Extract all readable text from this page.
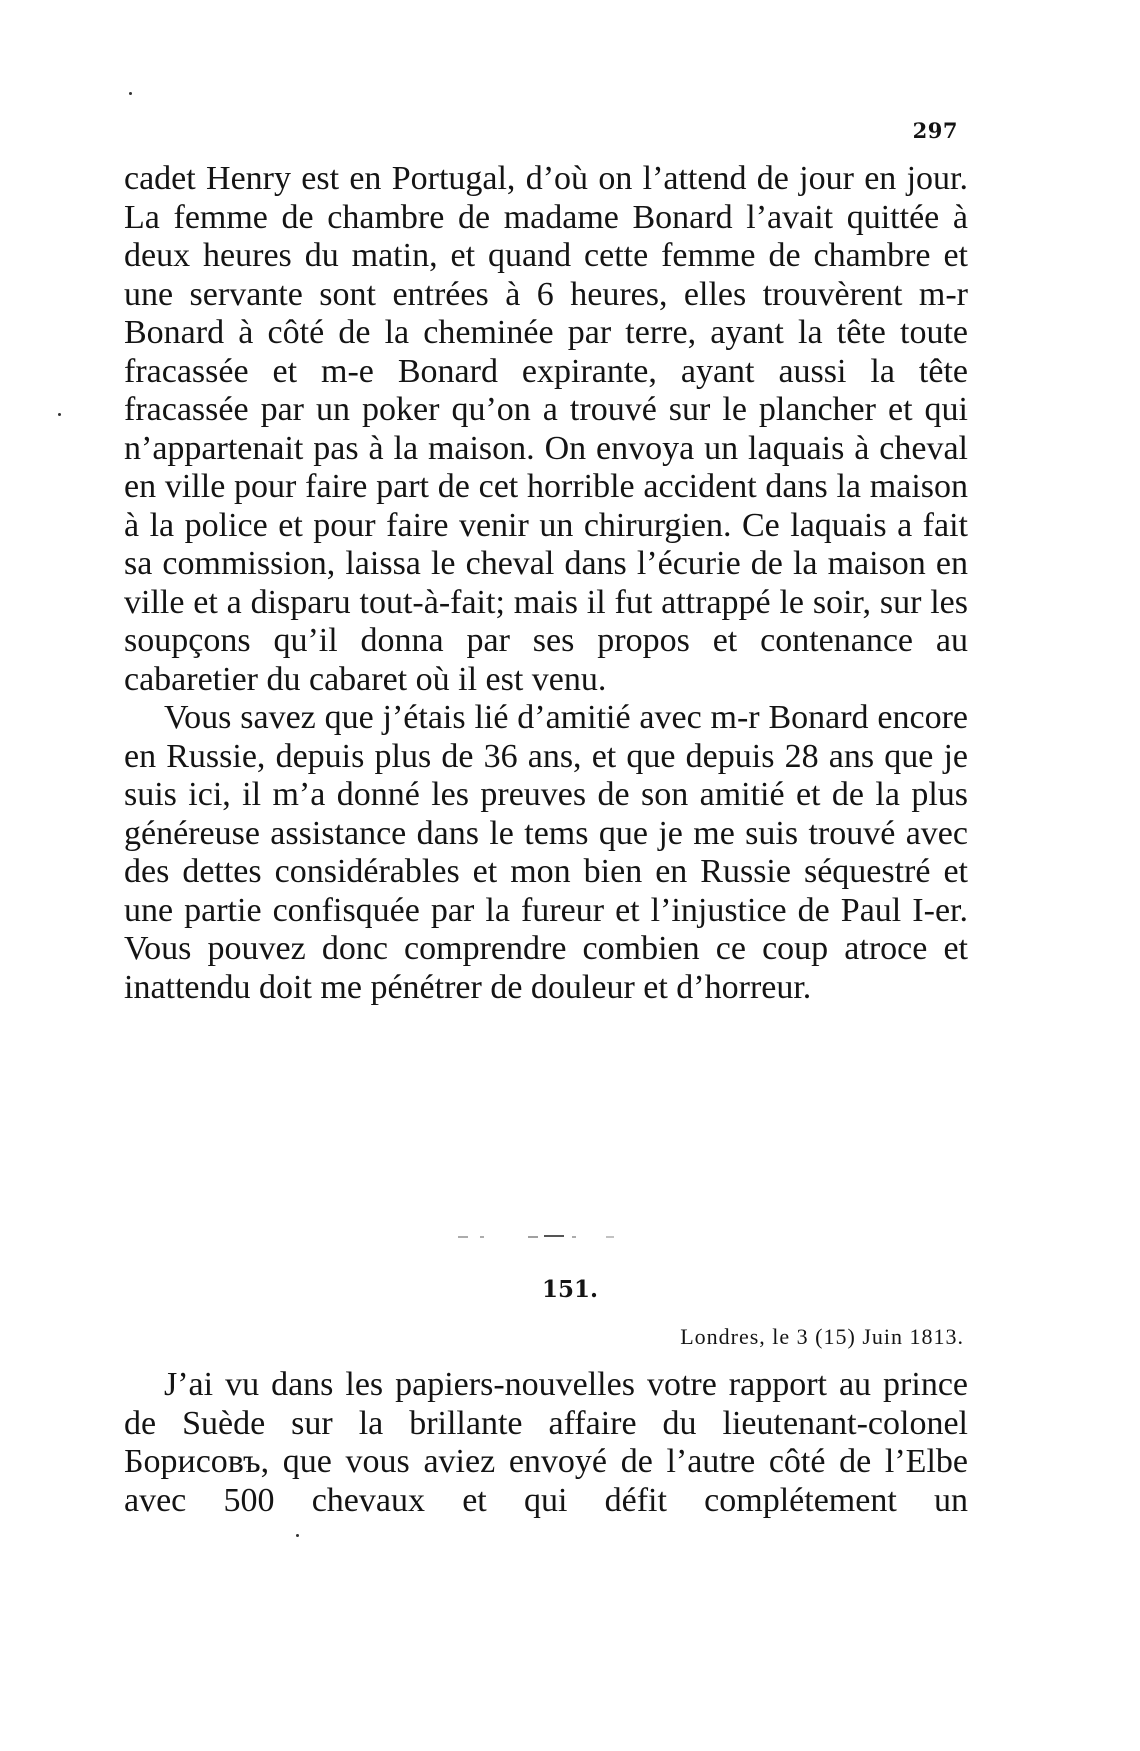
297

cadet Henry est en Portugal, d’où on l’attend de jour en jour. La femme de chambre de madame Bonard l’avait quittée à deux heures du matin, et quand cette femme de chambre et une servante sont entrées à 6 heures, elles trouvèrent m-r Bonard à côté de la cheminée par terre, ayant la tête toute fracassée et m-e Bonard expirante, ayant aussi la tête fracassée par un poker qu’on a trouvé sur le plancher et qui n’appartenait pas à la maison. On envoya un laquais à cheval en ville pour faire part de cet horrible accident dans la maison à la police et pour faire venir un chirurgien. Ce laquais a fait sa commission, laissa le cheval dans l’écurie de la maison en ville et a disparu tout-à-fait; mais il fut attrappé le soir, sur les soupçons qu’il donna par ses propos et contenance au cabaretier du cabaret où il est venu.

Vous savez que j’étais lié d’amitié avec m-r Bonard encore en Russie, depuis plus de 36 ans, et que depuis 28 ans que je suis ici, il m’a donné les preuves de son amitié et de la plus généreuse assistance dans le tems que je me suis trouvé avec des dettes considérables et mon bien en Russie séquestré et une partie confisquée par la fureur et l’injustice de Paul I-er. Vous pouvez donc comprendre combien ce coup atroce et inattendu doit me pénétrer de douleur et d’horreur.

151.
Londres, le 3 (15) Juin 1813.

J’ai vu dans les papiers-nouvelles votre rapport au prince de Suède sur la brillante affaire du lieutenant-colonel Борисовъ, que vous aviez envoyé de l’autre côté de l’Elbe avec 500 chevaux et qui défit complétement un
